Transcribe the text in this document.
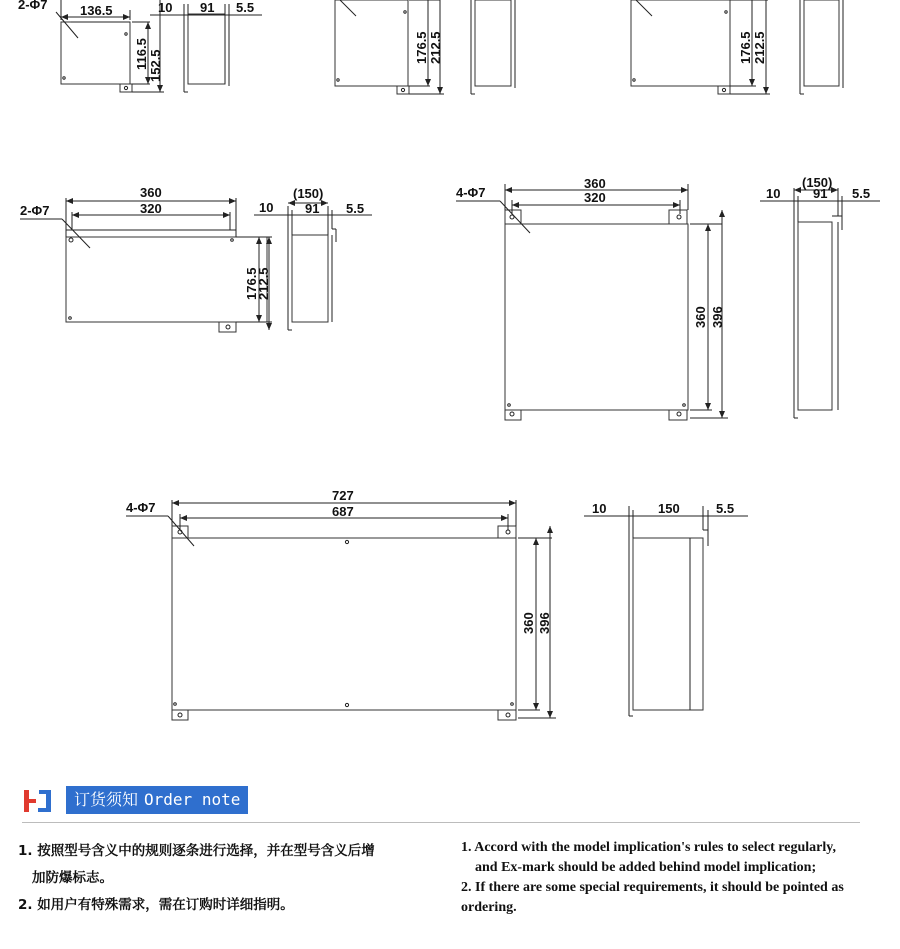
136.5
2-Φ7
116.5 152.5
10 91 5.5
176.5 212.5	176.5 212.5
360
320
2-Φ7
176.5
212.5
(150)
10 91 5.5
360
320
4-Φ7
360 396
(150)
10	91 5.5
727
687
4-Φ7
360 396
10	150	5.5
订货须知 Order note
1. 按照型号含义中的规则逐条进行选择，并在型号含义后增
加防爆标志。
2. 如用户有特殊需求，需在订购时详细指明。
1. Accord with the model implication's rules to select regularly,
and Ex-mark should be added behind model implication;
2. If there are some special requirements, it should be pointed as
ordering.
